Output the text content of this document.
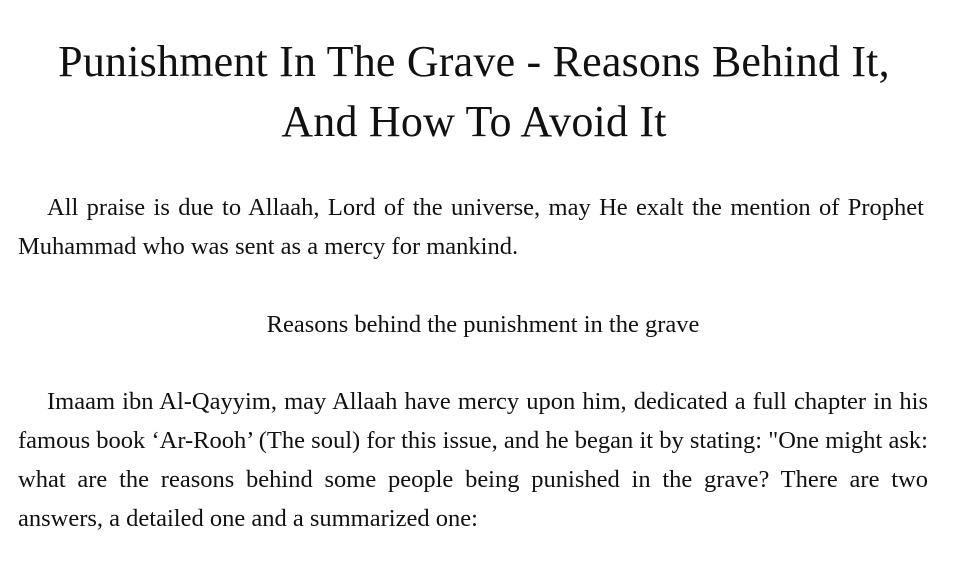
Punishment In The Grave - Reasons Behind It, And How To Avoid It

All praise is due to Allaah, Lord of the universe, may He exalt the mention of Prophet Muhammad who was sent as a mercy for mankind.

Reasons behind the punishment in the grave

Imaam ibn Al-Qayyim, may Allaah have mercy upon him, dedicated a full chapter in his famous book ‘Ar-Rooh’ (The soul) for this issue, and he began it by stating: "One might ask: what are the reasons behind some people being punished in the grave? There are two answers, a detailed one and a summarized one:
